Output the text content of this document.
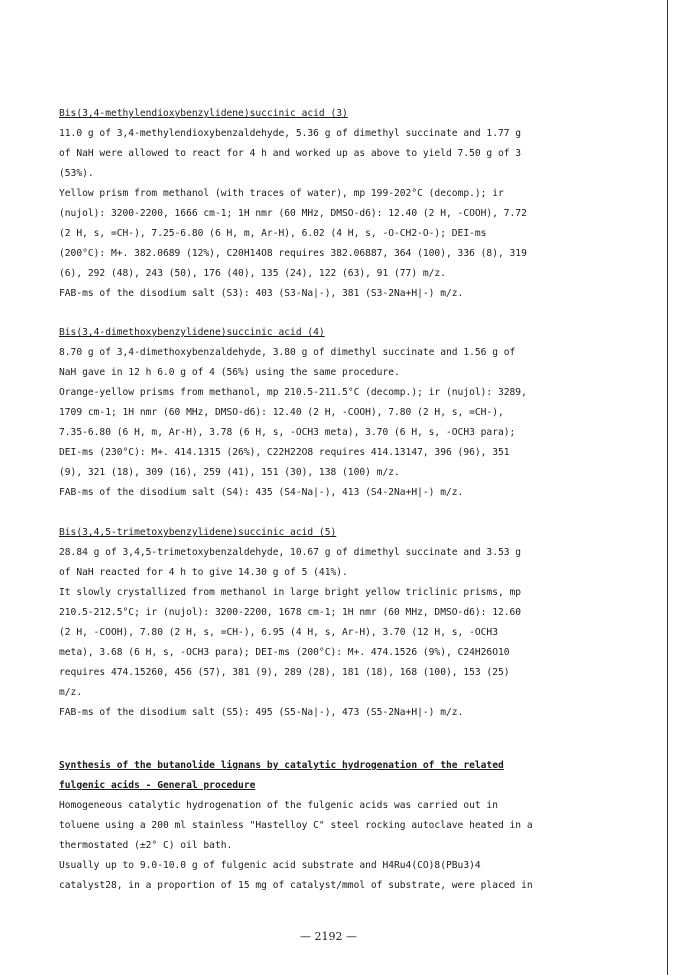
Bis(3,4-methylendioxybenzylidene)succinic acid (3)
11.0 g of 3,4-methylendioxybenzaldehyde, 5.36 g of dimethyl succinate and 1.77 g
of NaH were allowed to react for 4 h and worked up as above to yield 7.50 g of 3
(53%).
Yellow prism from methanol (with traces of water), mp 199-202°C (decomp.); ir
(nujol): 3200-2200, 1666 cm-1; 1H nmr (60 MHz, DMSO-d6): 12.40 (2 H, -COOH), 7.72
(2 H, s, =CH-), 7.25-6.80 (6 H, m, Ar-H), 6.02 (4 H, s, -O-CH2-O-); DEI-ms
(200°C): M+. 382.0689 (12%), C20H14O8 requires 382.06887, 364 (100), 336 (8), 319
(6), 292 (48), 243 (50), 176 (40), 135 (24), 122 (63), 91 (77) m/z.
FAB-ms of the disodium salt (S3): 403 (S3-Na|-), 381 (S3-2Na+H|-) m/z.
Bis(3,4-dimethoxybenzylidene)succinic acid (4)
8.70 g of 3,4-dimethoxybenzaldehyde, 3.80 g of dimethyl succinate and 1.56 g of
NaH gave in 12 h 6.0 g of 4 (56%) using the same procedure.
Orange-yellow prisms from methanol, mp 210.5-211.5°C (decomp.); ir (nujol): 3289,
1709 cm-1; 1H nmr (60 MHz, DMSO-d6): 12.40 (2 H, -COOH), 7.80 (2 H, s, =CH-),
7.35-6.80 (6 H, m, Ar-H), 3.78 (6 H, s, -OCH3 meta), 3.70 (6 H, s, -OCH3 para);
DEI-ms (230°C): M+. 414.1315 (26%), C22H22O8 requires 414.13147, 396 (96), 351
(9), 321 (18), 309 (16), 259 (41), 151 (30), 138 (100) m/z.
FAB-ms of the disodium salt (S4): 435 (S4-Na|-), 413 (S4-2Na+H|-) m/z.
Bis(3,4,5-trimetoxybenzylidene)succinic acid (5)
28.84 g of 3,4,5-trimetoxybenzaldehyde, 10.67 g of dimethyl succinate and 3.53 g
of NaH reacted for 4 h to give 14.30 g of 5 (41%).
It slowly crystallized from methanol in large bright yellow triclinic prisms, mp
210.5-212.5°C; ir (nujol): 3200-2200, 1678 cm-1; 1H nmr (60 MHz, DMSO-d6): 12.60
(2 H, -COOH), 7.80 (2 H, s, =CH-), 6.95 (4 H, s, Ar-H), 3.70 (12 H, s, -OCH3
meta), 3.68 (6 H, s, -OCH3 para); DEI-ms (200°C): M+. 474.1526 (9%), C24H26O10
requires 474.15260, 456 (57), 381 (9), 289 (28), 181 (18), 168 (100), 153 (25)
m/z.
FAB-ms of the disodium salt (S5): 495 (S5-Na|-), 473 (S5-2Na+H|-) m/z.
Synthesis of the butanolide lignans by catalytic hydrogenation of the related
fulgenic acids - General procedure
Homogeneous catalytic hydrogenation of the fulgenic acids was carried out in
toluene using a 200 ml stainless "Hastelloy C" steel rocking autoclave heated in a
thermostated (±2° C) oil bath.
Usually up to 9.0-10.0 g of fulgenic acid substrate and H4Ru4(CO)8(PBu3)4
catalyst28, in a proportion of 15 mg of catalyst/mmol of substrate, were placed in
— 2192 —
